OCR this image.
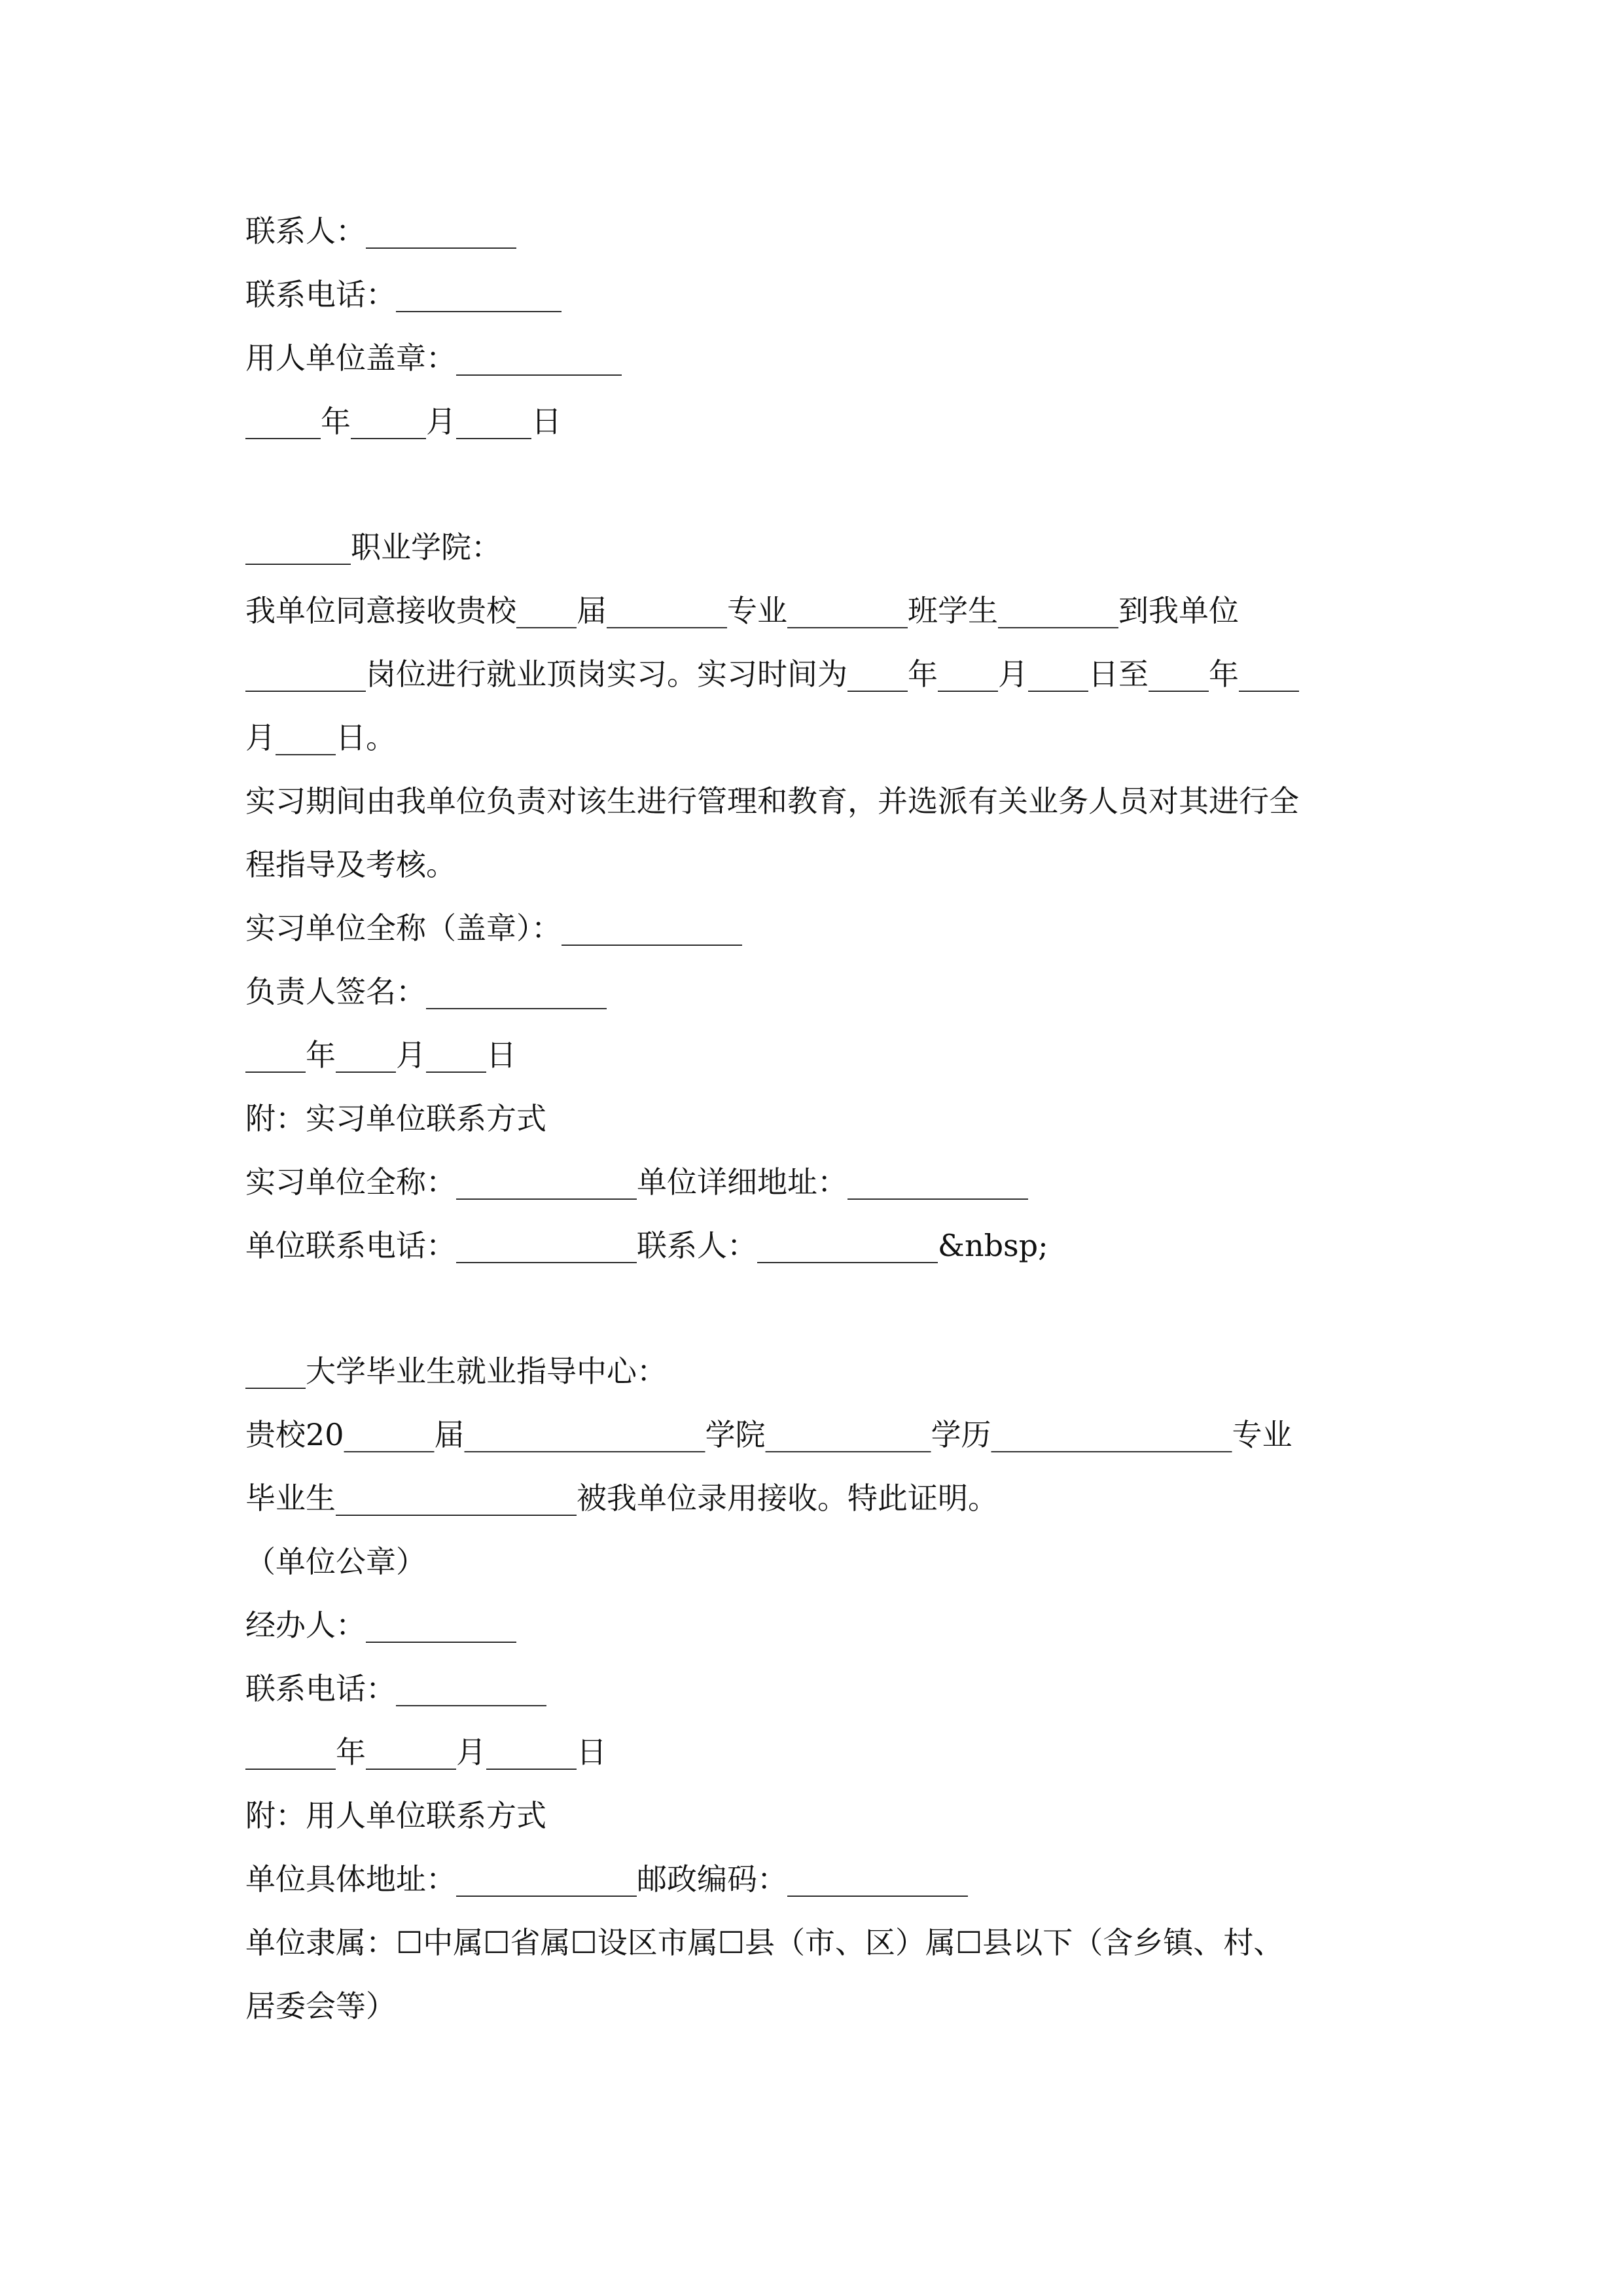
联系人：__________
联系电话：___________
用人单位盖章：___________
_____年_____月_____日
_______职业学院：
我单位同意接收贵校____届________专业________班学生________到我单位
________岗位进行就业顶岗实习。实习时间为____年____月____日至____年____
月____日。
实习期间由我单位负责对该生进行管理和教育，并选派有关业务人员对其进行全
程指导及考核。
实习单位全称（盖章）：____________
负责人签名：____________
____年____月____日
附：实习单位联系方式
实习单位全称：____________单位详细地址：____________
单位联系电话：____________联系人：____________&nbsp;
____大学毕业生就业指导中心：
贵校20______届________________学院___________学历________________专业
毕业生________________被我单位录用接收。特此证明。
（单位公章）
经办人：__________
联系电话：__________
______年______月______日
附：用人单位联系方式
单位具体地址：____________邮政编码：____________
单位隶属：☐中属☐省属☐设区市属☐县（市、区）属☐县以下（含乡镇、村、
居委会等）
